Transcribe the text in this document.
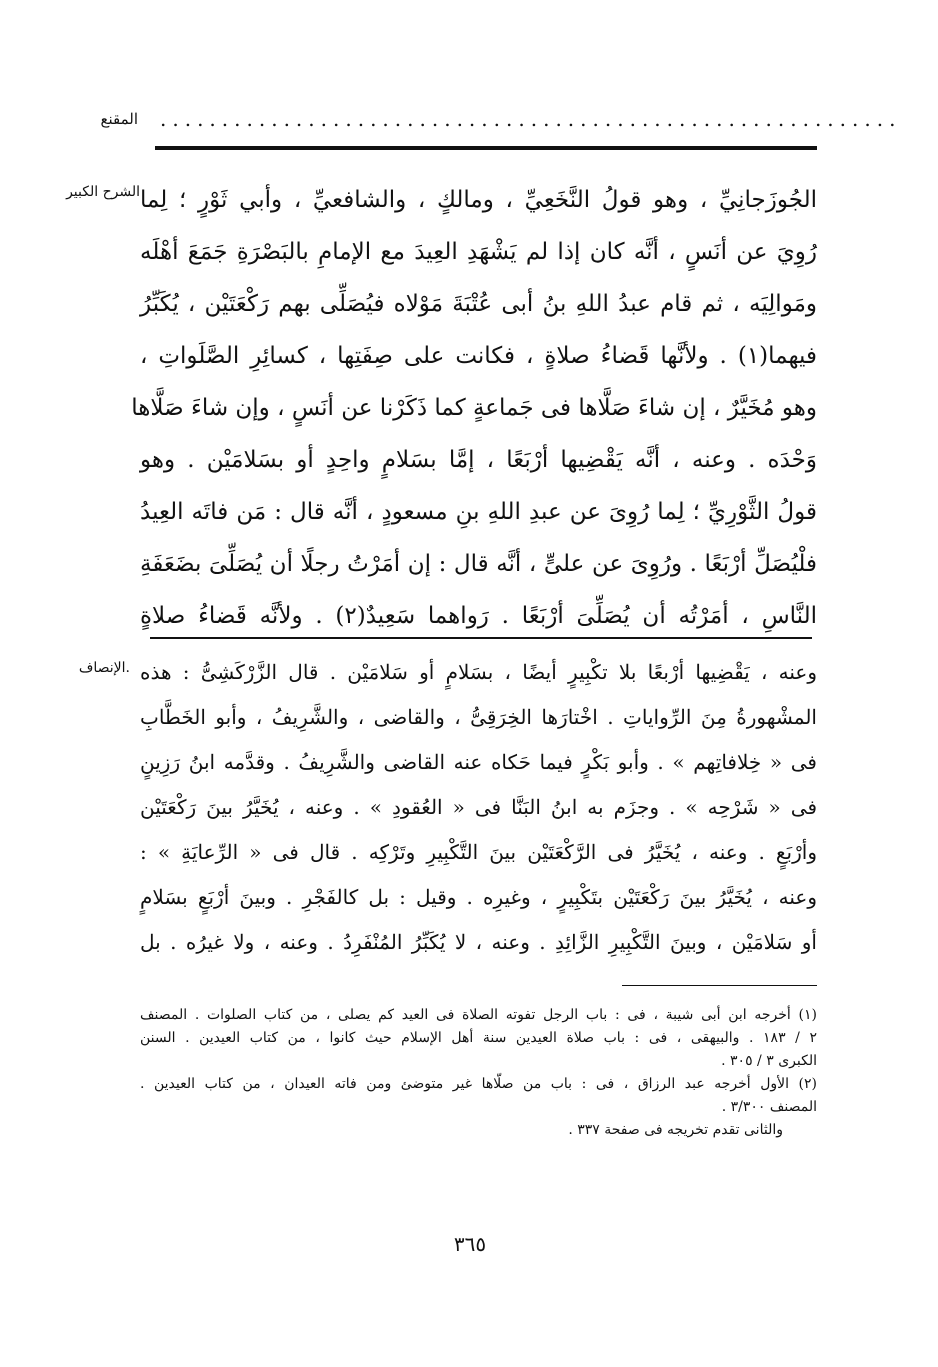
المقنع ............................................................
الشرح الكبير
.الإنصاف
الجُوزَجانِيِّ ، وهو قولُ النَّخَعِيِّ ، ومالكٍ ، والشافعيِّ ، وأبي ثَوْرٍ ؛ لِما
رُوِيَ عن أنَسٍ ، أنَّه كان إذا لم يَشْهَدِ العِيدَ مع الإمامِ بالبَصْرَةِ جَمَعَ أهْلَه
ومَوالِيَه ، ثم قام عبدُ اللهِ بنُ أبى عُتْبَةَ مَوْلاه فيُصَلِّى بهم رَكْعَتَيْن ، يُكَبِّرُ
فيهما(١) . ولأنَّها قَضاءُ صلاةٍ ، فكانت على صِفَتِها ، كسائِرِ الصَّلَواتِ ،
وهو مُخَيَّرٌ ، إن شاءَ صَلَّاها فى جَماعةٍ كما ذَكَرْنا عن أنَسٍ ، وإن شاءَ صَلَّاها
وَحْدَه . وعنه ، أنَّه يَقْضِيها أرْبَعًا ، إمَّا بسَلامٍ واحِدٍ أو بسَلامَيْن . وهو
قولُ الثَّوْرِيِّ ؛ لِما رُوِىَ عن عبدِ اللهِ بنِ مسعودٍ ، أنَّه قال : مَن فاتَه العِيدُ
فلْيُصَلِّ أرْبَعًا . ورُوِىَ عن علىٍّ ، أنَّه قال : إن أمَرْتُ رجلًا أن يُصَلِّىَ بضَعَفَةِ
النَّاسِ ، أمَرْتُه أن يُصَلِّىَ أرْبَعًا . رَواهما سَعِيدٌ(٢) . ولأنَّه قَضاءُ صلاةٍ
وعنه ، يَقْضِيها أرْبعًا بلا تكْبِيرٍ أيضًا ، بسَلامٍ أو سَلامَيْن . قال الزَّرْكَشِىُّ : هذه
المشْهورةُ مِنَ الرِّواياتِ . اخْتارَها الخِرَقِىُّ ، والقاضى ، والشَّرِيفُ ، وأبو الخَطَّابِ
فى « خِلافاتِهم » . وأبو بَكْرٍ فيما حَكاه عنه القاضى والشَّرِيفُ . وقدَّمه ابنُ رَزِينٍ
فى « شَرْحِه » . وجزَم به ابنُ البَنَّا فى « العُقودِ » . وعنه ، يُخَيَّرُ بينَ رَكْعَتَيْن
وأرْبَعٍ . وعنه ، يُخَيَّرُ فى الرَّكْعَتَيْن بينَ التَّكْبِيرِ وتَرْكِه . قال فى « الرِّعايَةِ » :
وعنه ، يُخَيَّرُ بينَ رَكْعَتَيْن بتَكْبِيرٍ ، وغيرِه . وقيل : بل كالفَجْرِ . وبينَ أرْبَعٍ بسَلامٍ
أو سَلامَيْن ، وبينَ التَّكْبِيرِ الزَّائِدِ . وعنه ، لا يُكَبِّرُ المُنْفَرِدُ . وعنه ، ولا غيرُه . بل
(١) أخرجه ابن أبى شيبة ، فى : باب الرجل تفوته الصلاة فى العيد كم يصلى ، من كتاب الصلوات . المصنف
٢ / ١٨٣ . والبيهقى ، فى : باب صلاة العيدين سنة أهل الإسلام حيث كانوا ، من كتاب العيدين . السنن
الكبرى ٣ / ٣٠٥ .
(٢) الأول أخرجه عبد الرزاق ، فى : باب من صلّاها غير متوضئ ومن فاته العيدان ، من كتاب العيدين .
المصنف ٣/٣٠٠ .
والثانى تقدم تخريجه فى صفحة ٣٣٧ .
٣٦٥
